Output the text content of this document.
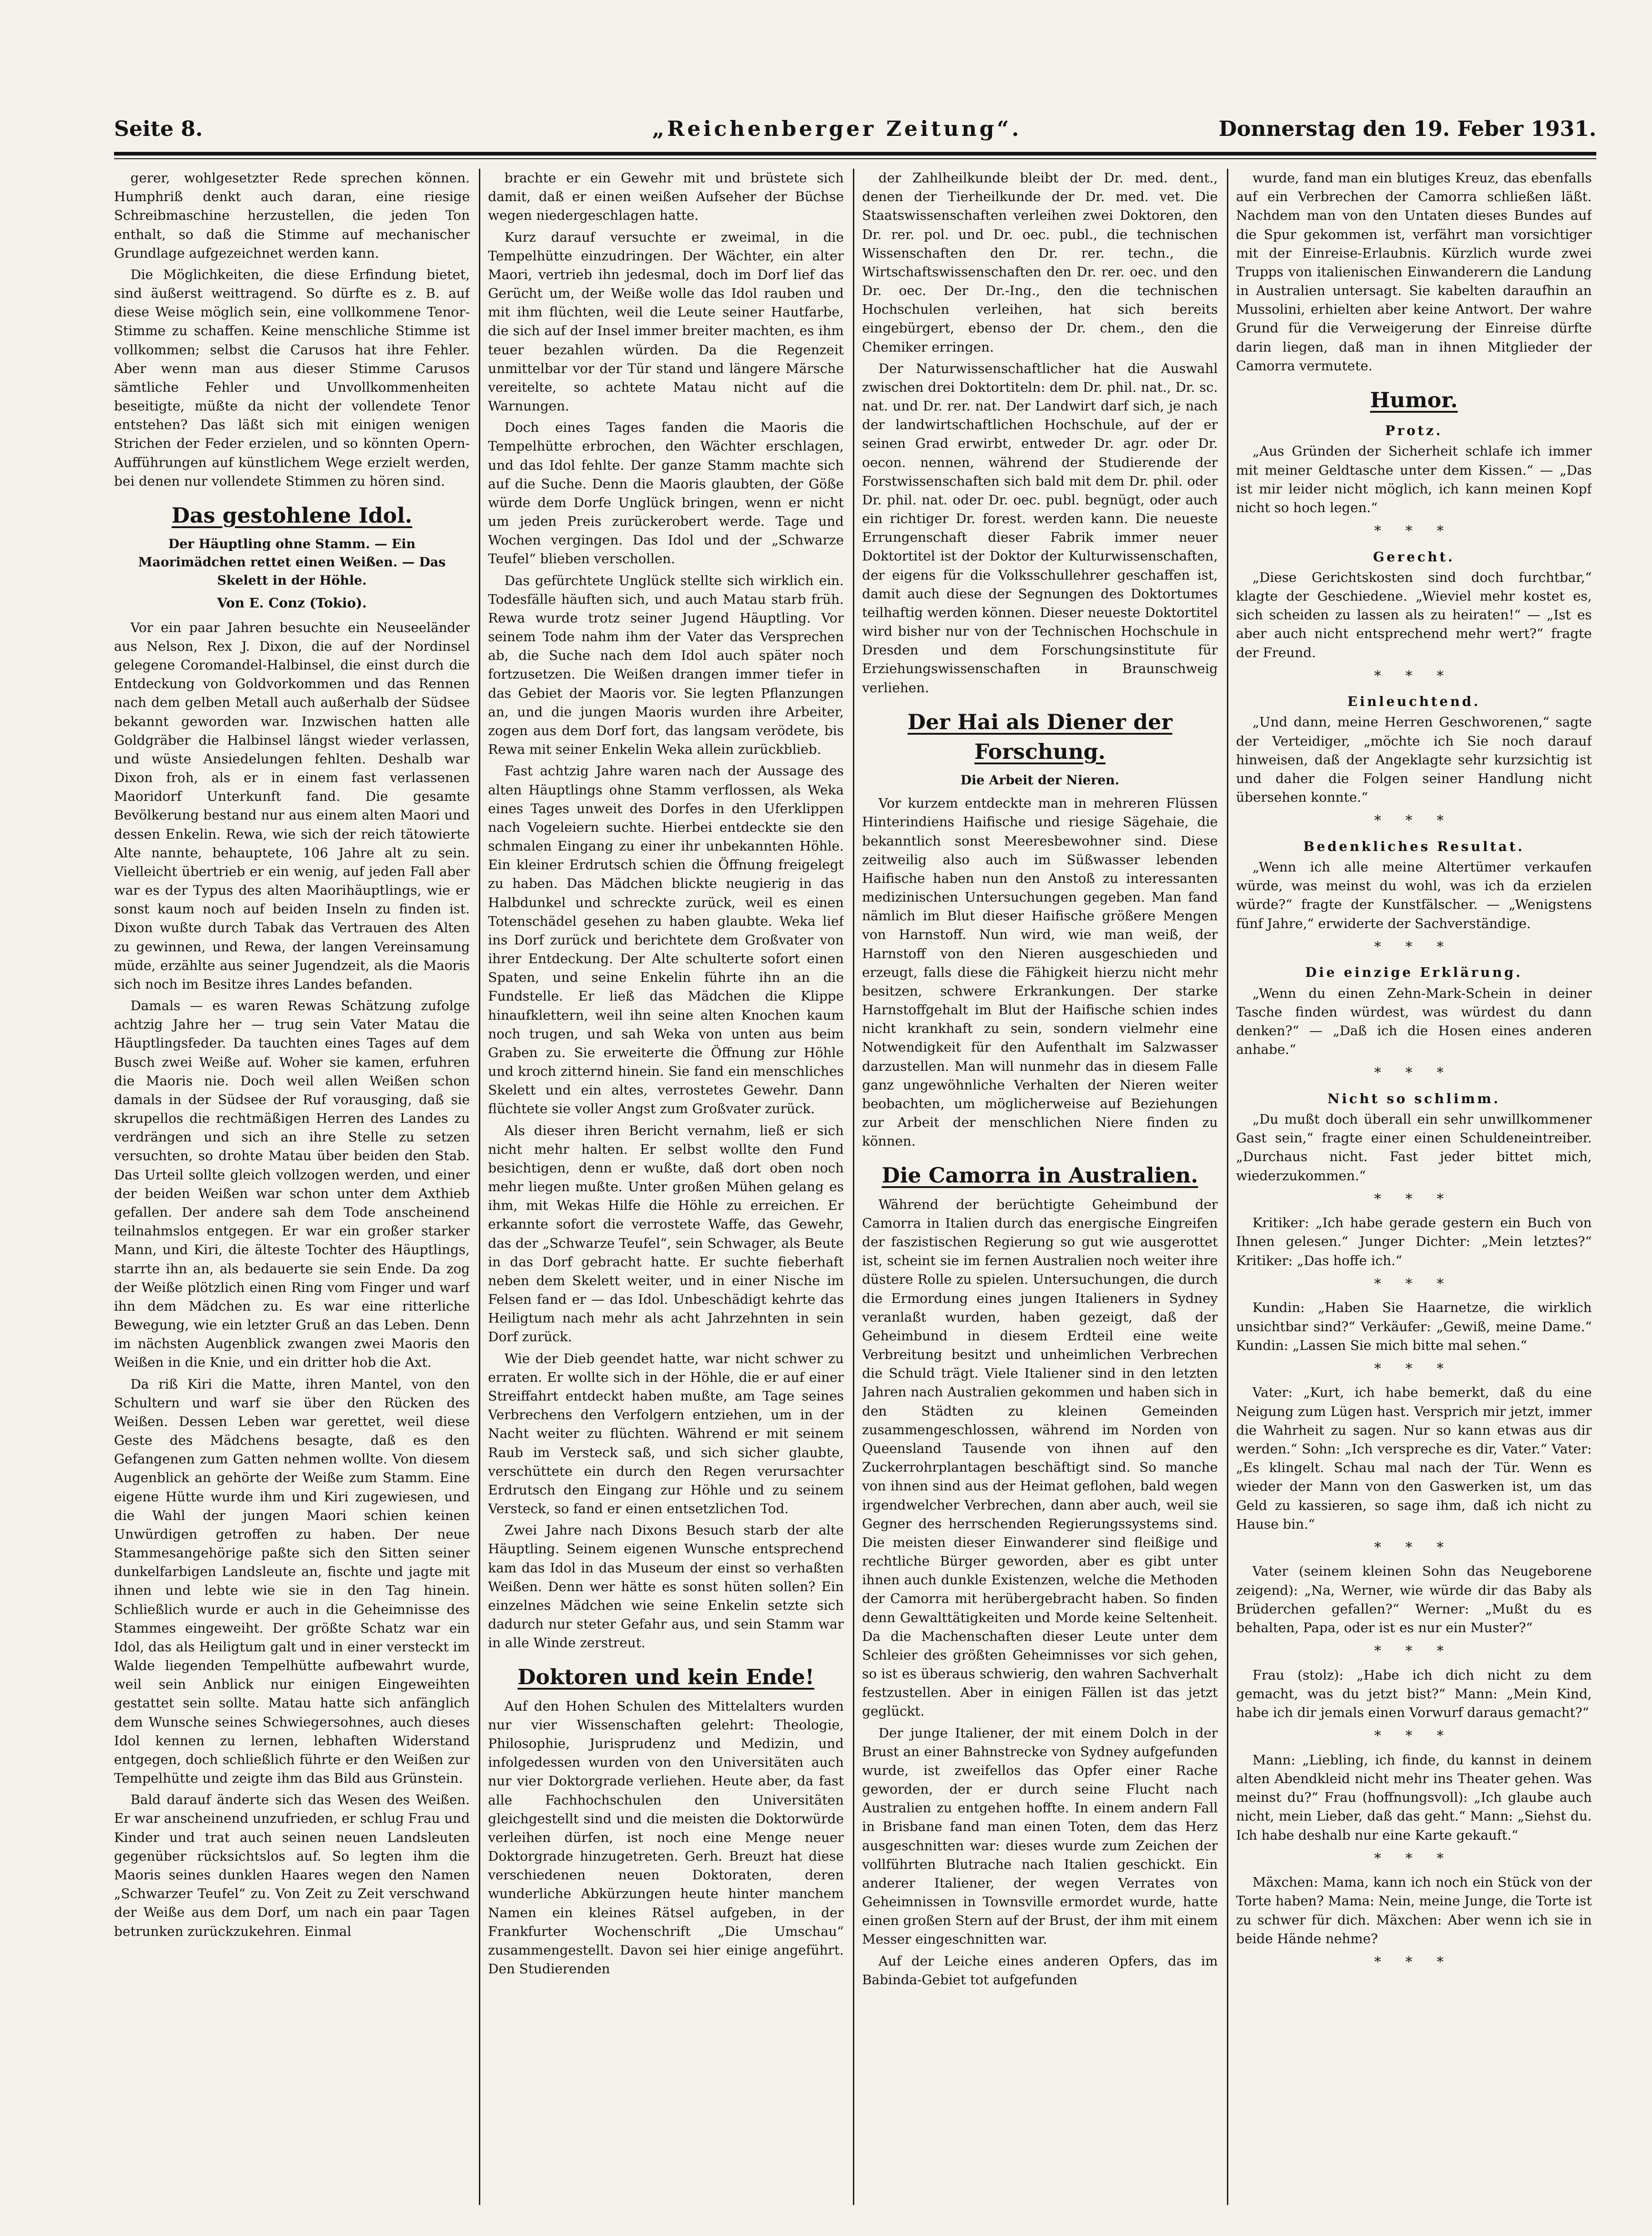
Seite 8.	„Reichenberger Zeitung“.	Donnerstag den 19. Feber 1931.

gerer, wohlgesetzter Rede sprechen können. Humphriß denkt auch daran, eine riesige Schreibmaschine herzustellen, die jeden Ton enthalt, so daß die Stimme auf mechanischer Grundlage aufgezeichnet werden kann.

Die Möglichkeiten, die diese Erfindung bietet, sind äußerst weittragend. So dürfte es z. B. auf diese Weise möglich sein, eine vollkommene Tenor-Stimme zu schaffen. Keine menschliche Stimme ist vollkommen; selbst die Carusos hat ihre Fehler. Aber wenn man aus dieser Stimme Carusos sämtliche Fehler und Unvollkommenheiten beseitigte, müßte da nicht der vollendete Tenor entstehen? Das läßt sich mit einigen wenigen Strichen der Feder erzielen, und so könnten Opern-Aufführungen auf künstlichem Wege erzielt werden, bei denen nur vollendete Stimmen zu hören sind.

Das gestohlene Idol.

Der Häuptling ohne Stamm. — Ein Maorimädchen rettet einen Weißen. — Das Skelett in der Höhle.

Von E. Conz (Tokio).

Vor ein paar Jahren besuchte ein Neuseeländer aus Nelson, Rex J. Dixon, die auf der Nordinsel gelegene Coromandel-Halbinsel, die einst durch die Entdeckung von Goldvorkommen und das Rennen nach dem gelben Metall auch außerhalb der Südsee bekannt geworden war. Inzwischen hatten alle Goldgräber die Halbinsel längst wieder verlassen, und wüste Ansiedelungen fehlten. Deshalb war Dixon froh, als er in einem fast verlassenen Maoridorf Unterkunft fand. Die gesamte Bevölkerung bestand nur aus einem alten Maori und dessen Enkelin. Rewa, wie sich der reich tätowierte Alte nannte, behauptete, 106 Jahre alt zu sein. Vielleicht übertrieb er ein wenig, auf jeden Fall aber war es der Typus des alten Maorihäuptlings, wie er sonst kaum noch auf beiden Inseln zu finden ist. Dixon wußte durch Tabak das Vertrauen des Alten zu gewinnen, und Rewa, der langen Vereinsamung müde, erzählte aus seiner Jugendzeit, als die Maoris sich noch im Besitze ihres Landes befanden.

Damals — es waren Rewas Schätzung zufolge achtzig Jahre her — trug sein Vater Matau die Häuptlingsfeder. Da tauchten eines Tages auf dem Busch zwei Weiße auf. Woher sie kamen, erfuhren die Maoris nie. Doch weil allen Weißen schon damals in der Südsee der Ruf vorausging, daß sie skrupellos die rechtmäßigen Herren des Landes zu verdrängen und sich an ihre Stelle zu setzen versuchten, so drohte Matau über beiden den Stab. Das Urteil sollte gleich vollzogen werden, und einer der beiden Weißen war schon unter dem Axthieb gefallen. Der andere sah dem Tode anscheinend teilnahmslos entgegen. Er war ein großer starker Mann, und Kiri, die älteste Tochter des Häuptlings, starrte ihn an, als bedauerte sie sein Ende. Da zog der Weiße plötzlich einen Ring vom Finger und warf ihn dem Mädchen zu. Es war eine ritterliche Bewegung, wie ein letzter Gruß an das Leben. Denn im nächsten Augenblick zwangen zwei Maoris den Weißen in die Knie, und ein dritter hob die Axt.

Da riß Kiri die Matte, ihren Mantel, von den Schultern und warf sie über den Rücken des Weißen. Dessen Leben war gerettet, weil diese Geste des Mädchens besagte, daß es den Gefangenen zum Gatten nehmen wollte. Von diesem Augenblick an gehörte der Weiße zum Stamm. Eine eigene Hütte wurde ihm und Kiri zugewiesen, und die Wahl der jungen Maori schien keinen Unwürdigen getroffen zu haben. Der neue Stammesangehörige paßte sich den Sitten seiner dunkelfarbigen Landsleute an, fischte und jagte mit ihnen und lebte wie sie in den Tag hinein. Schließlich wurde er auch in die Geheimnisse des Stammes eingeweiht. Der größte Schatz war ein Idol, das als Heiligtum galt und in einer versteckt im Walde liegenden Tempelhütte aufbewahrt wurde, weil sein Anblick nur einigen Eingeweihten gestattet sein sollte. Matau hatte sich anfänglich dem Wunsche seines Schwiegersohnes, auch dieses Idol kennen zu lernen, lebhaften Widerstand entgegen, doch schließlich führte er den Weißen zur Tempelhütte und zeigte ihm das Bild aus Grünstein.

Bald darauf änderte sich das Wesen des Weißen. Er war anscheinend unzufrieden, er schlug Frau und Kinder und trat auch seinen neuen Landsleuten gegenüber rücksichtslos auf. So legten ihm die Maoris seines dunklen Haares wegen den Namen „Schwarzer Teufel“ zu. Von Zeit zu Zeit verschwand der Weiße aus dem Dorf, um nach ein paar Tagen betrunken zurückzukehren. Einmal

brachte er ein Gewehr mit und brüstete sich damit, daß er einen weißen Aufseher der Büchse wegen niedergeschlagen hatte.

Kurz darauf versuchte er zweimal, in die Tempelhütte einzudringen. Der Wächter, ein alter Maori, vertrieb ihn jedesmal, doch im Dorf lief das Gerücht um, der Weiße wolle das Idol rauben und mit ihm flüchten, weil die Leute seiner Hautfarbe, die sich auf der Insel immer breiter machten, es ihm teuer bezahlen würden. Da die Regenzeit unmittelbar vor der Tür stand und längere Märsche vereitelte, so achtete Matau nicht auf die Warnungen.

Doch eines Tages fanden die Maoris die Tempelhütte erbrochen, den Wächter erschlagen, und das Idol fehlte. Der ganze Stamm machte sich auf die Suche. Denn die Maoris glaubten, der Göße würde dem Dorfe Unglück bringen, wenn er nicht um jeden Preis zurückerobert werde. Tage und Wochen vergingen. Das Idol und der „Schwarze Teufel“ blieben verschollen.

Das gefürchtete Unglück stellte sich wirklich ein. Todesfälle häuften sich, und auch Matau starb früh. Rewa wurde trotz seiner Jugend Häuptling. Vor seinem Tode nahm ihm der Vater das Versprechen ab, die Suche nach dem Idol auch später noch fortzusetzen. Die Weißen drangen immer tiefer in das Gebiet der Maoris vor. Sie legten Pflanzungen an, und die jungen Maoris wurden ihre Arbeiter, zogen aus dem Dorf fort, das langsam verödete, bis Rewa mit seiner Enkelin Weka allein zurückblieb.

Fast achtzig Jahre waren nach der Aussage des alten Häuptlings ohne Stamm verflossen, als Weka eines Tages unweit des Dorfes in den Uferklippen nach Vogeleiern suchte. Hierbei entdeckte sie den schmalen Eingang zu einer ihr unbekannten Höhle. Ein kleiner Erdrutsch schien die Öffnung freigelegt zu haben. Das Mädchen blickte neugierig in das Halbdunkel und schreckte zurück, weil es einen Totenschädel gesehen zu haben glaubte. Weka lief ins Dorf zurück und berichtete dem Großvater von ihrer Entdeckung. Der Alte schulterte sofort einen Spaten, und seine Enkelin führte ihn an die Fundstelle. Er ließ das Mädchen die Klippe hinaufklettern, weil ihn seine alten Knochen kaum noch trugen, und sah Weka von unten aus beim Graben zu. Sie erweiterte die Öffnung zur Höhle und kroch zitternd hinein. Sie fand ein menschliches Skelett und ein altes, verrostetes Gewehr. Dann flüchtete sie voller Angst zum Großvater zurück.

Als dieser ihren Bericht vernahm, ließ er sich nicht mehr halten. Er selbst wollte den Fund besichtigen, denn er wußte, daß dort oben noch mehr liegen mußte. Unter großen Mühen gelang es ihm, mit Wekas Hilfe die Höhle zu erreichen. Er erkannte sofort die verrostete Waffe, das Gewehr, das der „Schwarze Teufel“, sein Schwager, als Beute in das Dorf gebracht hatte. Er suchte fieberhaft neben dem Skelett weiter, und in einer Nische im Felsen fand er — das Idol. Unbeschädigt kehrte das Heiligtum nach mehr als acht Jahrzehnten in sein Dorf zurück.

Wie der Dieb geendet hatte, war nicht schwer zu erraten. Er wollte sich in der Höhle, die er auf einer Streiffahrt entdeckt haben mußte, am Tage seines Verbrechens den Verfolgern entziehen, um in der Nacht weiter zu flüchten. Während er mit seinem Raub im Versteck saß, und sich sicher glaubte, verschüttete ein durch den Regen verursachter Erdrutsch den Eingang zur Höhle und zu seinem Versteck, so fand er einen entsetzlichen Tod.

Zwei Jahre nach Dixons Besuch starb der alte Häuptling. Seinem eigenen Wunsche entsprechend kam das Idol in das Museum der einst so verhaßten Weißen. Denn wer hätte es sonst hüten sollen? Ein einzelnes Mädchen wie seine Enkelin setzte sich dadurch nur steter Gefahr aus, und sein Stamm war in alle Winde zerstreut.

Doktoren und kein Ende!

Auf den Hohen Schulen des Mittelalters wurden nur vier Wissenschaften gelehrt: Theologie, Philosophie, Jurisprudenz und Medizin, und infolgedessen wurden von den Universitäten auch nur vier Doktorgrade verliehen. Heute aber, da fast alle Fachhochschulen den Universitäten gleichgestellt sind und die meisten die Doktorwürde verleihen dürfen, ist noch eine Menge neuer Doktorgrade hinzugetreten. Gerh. Breuzt hat diese verschiedenen neuen Doktoraten, deren wunderliche Abkürzungen heute hinter manchem Namen ein kleines Rätsel aufgeben, in der Frankfurter Wochenschrift „Die Umschau“ zusammengestellt. Davon sei hier einige angeführt. Den Studierenden

der Zahlheilkunde bleibt der Dr. med. dent., denen der Tierheilkunde der Dr. med. vet. Die Staatswissenschaften verleihen zwei Doktoren, den Dr. rer. pol. und Dr. oec. publ., die technischen Wissenschaften den Dr. rer. techn., die Wirtschaftswissenschaften den Dr. rer. oec. und den Dr. oec. Der Dr.-Ing., den die technischen Hochschulen verleihen, hat sich bereits eingebürgert, ebenso der Dr. chem., den die Chemiker erringen.

Der Naturwissenschaftlicher hat die Auswahl zwischen drei Doktortiteln: dem Dr. phil. nat., Dr. sc. nat. und Dr. rer. nat. Der Landwirt darf sich, je nach der landwirtschaftlichen Hochschule, auf der er seinen Grad erwirbt, entweder Dr. agr. oder Dr. oecon. nennen, während der Studierende der Forstwissenschaften sich bald mit dem Dr. phil. oder Dr. phil. nat. oder Dr. oec. publ. begnügt, oder auch ein richtiger Dr. forest. werden kann. Die neueste Errungenschaft dieser Fabrik immer neuer Doktortitel ist der Doktor der Kulturwissenschaften, der eigens für die Volksschullehrer geschaffen ist, damit auch diese der Segnungen des Doktortumes teilhaftig werden können. Dieser neueste Doktortitel wird bisher nur von der Technischen Hochschule in Dresden und dem Forschungsinstitute für Erziehungswissenschaften in Braunschweig verliehen.

Der Hai als Diener der Forschung.

Die Arbeit der Nieren.

Vor kurzem entdeckte man in mehreren Flüssen Hinterindiens Haifische und riesige Sägehaie, die bekanntlich sonst Meeresbewohner sind. Diese zeitweilig also auch im Süßwasser lebenden Haifische haben nun den Anstoß zu interessanten medizinischen Untersuchungen gegeben. Man fand nämlich im Blut dieser Haifische größere Mengen von Harnstoff. Nun wird, wie man weiß, der Harnstoff von den Nieren ausgeschieden und erzeugt, falls diese die Fähigkeit hierzu nicht mehr besitzen, schwere Erkrankungen. Der starke Harnstoffgehalt im Blut der Haifische schien indes nicht krankhaft zu sein, sondern vielmehr eine Notwendigkeit für den Aufenthalt im Salzwasser darzustellen. Man will nunmehr das in diesem Falle ganz ungewöhnliche Verhalten der Nieren weiter beobachten, um möglicherweise auf Beziehungen zur Arbeit der menschlichen Niere finden zu können.

Die Camorra in Australien.

Während der berüchtigte Geheimbund der Camorra in Italien durch das energische Eingreifen der faszistischen Regierung so gut wie ausgerottet ist, scheint sie im fernen Australien noch weiter ihre düstere Rolle zu spielen. Untersuchungen, die durch die Ermordung eines jungen Italieners in Sydney veranlaßt wurden, haben gezeigt, daß der Geheimbund in diesem Erdteil eine weite Verbreitung besitzt und unheimlichen Verbrechen die Schuld trägt. Viele Italiener sind in den letzten Jahren nach Australien gekommen und haben sich in den Städten zu kleinen Gemeinden zusammengeschlossen, während im Norden von Queensland Tausende von ihnen auf den Zuckerrohrplantagen beschäftigt sind. So manche von ihnen sind aus der Heimat geflohen, bald wegen irgendwelcher Verbrechen, dann aber auch, weil sie Gegner des herrschenden Regierungssystems sind. Die meisten dieser Einwanderer sind fleißige und rechtliche Bürger geworden, aber es gibt unter ihnen auch dunkle Existenzen, welche die Methoden der Camorra mit herübergebracht haben. So finden denn Gewalttätigkeiten und Morde keine Seltenheit. Da die Machenschaften dieser Leute unter dem Schleier des größten Geheimnisses vor sich gehen, so ist es überaus schwierig, den wahren Sachverhalt festzustellen. Aber in einigen Fällen ist das jetzt geglückt.

Der junge Italiener, der mit einem Dolch in der Brust an einer Bahnstrecke von Sydney aufgefunden wurde, ist zweifellos das Opfer einer Rache geworden, der er durch seine Flucht nach Australien zu entgehen hoffte. In einem andern Fall in Brisbane fand man einen Toten, dem das Herz ausgeschnitten war: dieses wurde zum Zeichen der vollführten Blutrache nach Italien geschickt. Ein anderer Italiener, der wegen Verrates von Geheimnissen in Townsville ermordet wurde, hatte einen großen Stern auf der Brust, der ihm mit einem Messer eingeschnitten war.

Auf der Leiche eines anderen Opfers, das im Babinda-Gebiet tot aufgefunden

wurde, fand man ein blutiges Kreuz, das ebenfalls auf ein Verbrechen der Camorra schließen läßt. Nachdem man von den Untaten dieses Bundes auf die Spur gekommen ist, verfährt man vorsichtiger mit der Einreise-Erlaubnis. Kürzlich wurde zwei Trupps von italienischen Einwanderern die Landung in Australien untersagt. Sie kabelten daraufhin an Mussolini, erhielten aber keine Antwort. Der wahre Grund für die Verweigerung der Einreise dürfte darin liegen, daß man in ihnen Mitglieder der Camorra vermutete.

Humor.

Protz.

„Aus Gründen der Sicherheit schlafe ich immer mit meiner Geldtasche unter dem Kissen.“ — „Das ist mir leider nicht möglich, ich kann meinen Kopf nicht so hoch legen.“

* * *

Gerecht.

„Diese Gerichtskosten sind doch furchtbar,“ klagte der Geschiedene. „Wieviel mehr kostet es, sich scheiden zu lassen als zu heiraten!“ — „Ist es aber auch nicht entsprechend mehr wert?“ fragte der Freund.

* * *

Einleuchtend.

„Und dann, meine Herren Geschworenen,“ sagte der Verteidiger, „möchte ich Sie noch darauf hinweisen, daß der Angeklagte sehr kurzsichtig ist und daher die Folgen seiner Handlung nicht übersehen konnte.“

* * *

Bedenkliches Resultat.

„Wenn ich alle meine Altertümer verkaufen würde, was meinst du wohl, was ich da erzielen würde?“ fragte der Kunstfälscher. — „Wenigstens fünf Jahre,“ erwiderte der Sachverständige.

* * *

Die einzige Erklärung.

„Wenn du einen Zehn-Mark-Schein in deiner Tasche finden würdest, was würdest du dann denken?“ — „Daß ich die Hosen eines anderen anhabe.“

* * *

Nicht so schlimm.

„Du mußt doch überall ein sehr unwillkommener Gast sein,“ fragte einer einen Schuldeneintreiber. „Durchaus nicht. Fast jeder bittet mich, wiederzukommen.“

* * *

Kritiker: „Ich habe gerade gestern ein Buch von Ihnen gelesen.“ Junger Dichter: „Mein letztes?“ Kritiker: „Das hoffe ich.“

* * *

Kundin: „Haben Sie Haarnetze, die wirklich unsichtbar sind?“ Verkäufer: „Gewiß, meine Dame.“ Kundin: „Lassen Sie mich bitte mal sehen.“

* * *

Vater: „Kurt, ich habe bemerkt, daß du eine Neigung zum Lügen hast. Versprich mir jetzt, immer die Wahrheit zu sagen. Nur so kann etwas aus dir werden.“ Sohn: „Ich verspreche es dir, Vater.“ Vater: „Es klingelt. Schau mal nach der Tür. Wenn es wieder der Mann von den Gaswerken ist, um das Geld zu kassieren, so sage ihm, daß ich nicht zu Hause bin.“

* * *

Vater (seinem kleinen Sohn das Neugeborene zeigend): „Na, Werner, wie würde dir das Baby als Brüderchen gefallen?“ Werner: „Mußt du es behalten, Papa, oder ist es nur ein Muster?“

* * *

Frau (stolz): „Habe ich dich nicht zu dem gemacht, was du jetzt bist?“ Mann: „Mein Kind, habe ich dir jemals einen Vorwurf daraus gemacht?“

* * *

Mann: „Liebling, ich finde, du kannst in deinem alten Abendkleid nicht mehr ins Theater gehen. Was meinst du?“ Frau (hoffnungsvoll): „Ich glaube auch nicht, mein Lieber, daß das geht.“ Mann: „Siehst du. Ich habe deshalb nur eine Karte gekauft.“

* * *

Mäxchen: Mama, kann ich noch ein Stück von der Torte haben? Mama: Nein, meine Junge, die Torte ist zu schwer für dich. Mäxchen: Aber wenn ich sie in beide Hände nehme?

* * *
